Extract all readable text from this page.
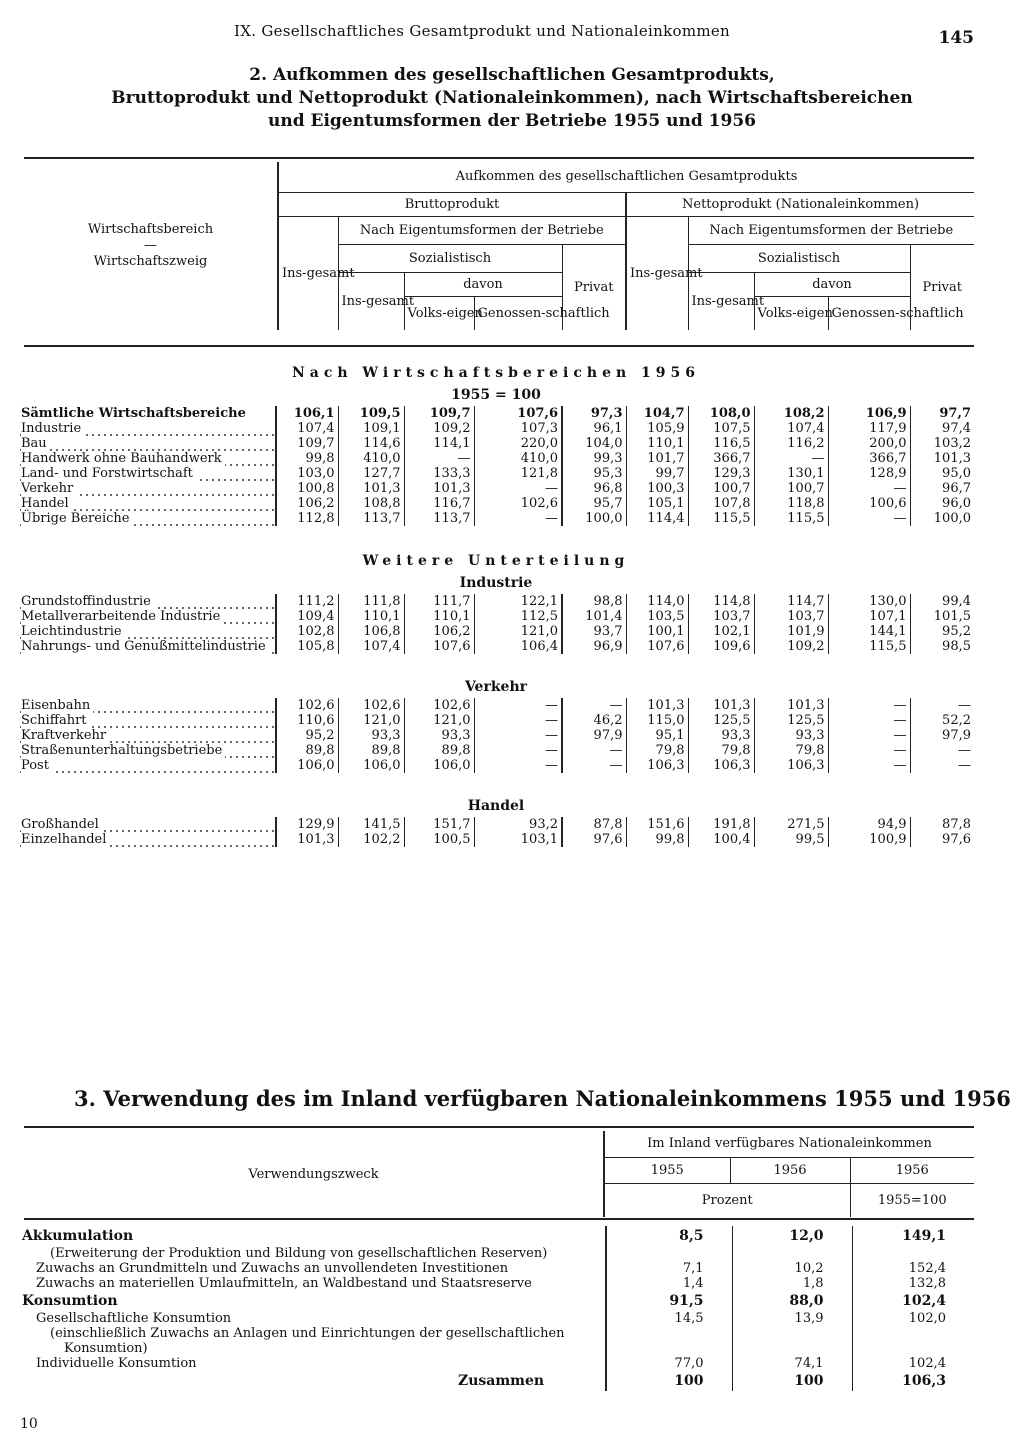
IX. Gesellschaftliches Gesamtprodukt und Nationaleinkommen	145
2. Aufkommen des gesellschaftlichen Gesamtprodukts,
Bruttoprodukt und Nettoprodukt (Nationaleinkommen), nach Wirtschaftsbereichen
und Eigentumsformen der Betriebe 1955 und 1956
Wirtschaftsbereich
—
Wirtschaftszweig	Aufkommen des gesellschaftlichen Gesamtprodukts									
	Bruttoprodukt					Nettoprodukt (Nationaleinkommen)				
	Ins-gesamt	Nach Eigentumsformen der Betriebe				Ins-gesamt	Nach Eigentumsformen der Betriebe			
		Sozialistisch			Privat		Sozialistisch			Privat
		Ins-gesamt	davon				Ins-gesamt	davon		
			Volks-eigen	Genossen-schaftlich				Volks-eigen	Genossen-schaftlich	
Nach Wirtschaftsbereichen 1956										
1955 = 100										
Sämtliche Wirtschaftsbereiche	106,1	109,5	109,7	107,6	97,3	104,7	108,0	108,2	106,9	97,7
Industrie	107,4	109,1	109,2	107,3	96,1	105,9	107,5	107,4	117,9	97,4
Bau	109,7	114,6	114,1	220,0	104,0	110,1	116,5	116,2	200,0	103,2
Handwerk ohne Bauhandwerk	99,8	410,0	—	410,0	99,3	101,7	366,7	—	366,7	101,3
Land- und Forstwirtschaft	103,0	127,7	133,3	121,8	95,3	99,7	129,3	130,1	128,9	95,0
Verkehr	100,8	101,3	101,3	—	96,8	100,3	100,7	100,7	—	96,7
Handel	106,2	108,8	116,7	102,6	95,7	105,1	107,8	118,8	100,6	96,0
Übrige Bereiche	112,8	113,7	113,7	—	100,0	114,4	115,5	115,5	—	100,0

Weitere Unterteilung										
Industrie										
Grundstoffindustrie	111,2	111,8	111,7	122,1	98,8	114,0	114,8	114,7	130,0	99,4
Metallverarbeitende Industrie	109,4	110,1	110,1	112,5	101,4	103,5	103,7	103,7	107,1	101,5
Leichtindustrie	102,8	106,8	106,2	121,0	93,7	100,1	102,1	101,9	144,1	95,2
Nahrungs- und Genußmittelindustrie	105,8	107,4	107,6	106,4	96,9	107,6	109,6	109,2	115,5	98,5

Verkehr										
Eisenbahn	102,6	102,6	102,6	—	—	101,3	101,3	101,3	—	—
Schiffahrt	110,6	121,0	121,0	—	46,2	115,0	125,5	125,5	—	52,2
Kraftverkehr	95,2	93,3	93,3	—	97,9	95,1	93,3	93,3	—	97,9
Straßenunterhaltungsbetriebe	89,8	89,8	89,8	—	—	79,8	79,8	79,8	—	—
Post	106,0	106,0	106,0	—	—	106,3	106,3	106,3	—	—

Handel										
Großhandel	129,9	141,5	151,7	93,2	87,8	151,6	191,8	271,5	94,9	87,8
Einzelhandel	101,3	102,2	100,5	103,1	97,6	99,8	100,4	99,5	100,9	97,6
3. Verwendung des im Inland verfügbaren Nationaleinkommens 1955 und 1956
Verwendungszweck	Im Inland verfügbares Nationaleinkommen		
	1955	1956	1956
	Prozent		1955=100
Akkumulation	8,5	12,0	149,1
(Erweiterung der Produktion und Bildung von gesellschaftlichen Reserven)			
Zuwachs an Grundmitteln und Zuwachs an unvollendeten Investitionen	7,1	10,2	152,4
Zuwachs an materiellen Umlaufmitteln, an Waldbestand und Staatsreserve	1,4	1,8	132,8
Konsumtion	91,5	88,0	102,4
Gesellschaftliche Konsumtion	14,5	13,9	102,0
(einschließlich Zuwachs an Anlagen und Einrichtungen der gesellschaftlichen			
Konsumtion)			
Individuelle Konsumtion	77,0	74,1	102,4
Zusammen	100	100	106,3
10
